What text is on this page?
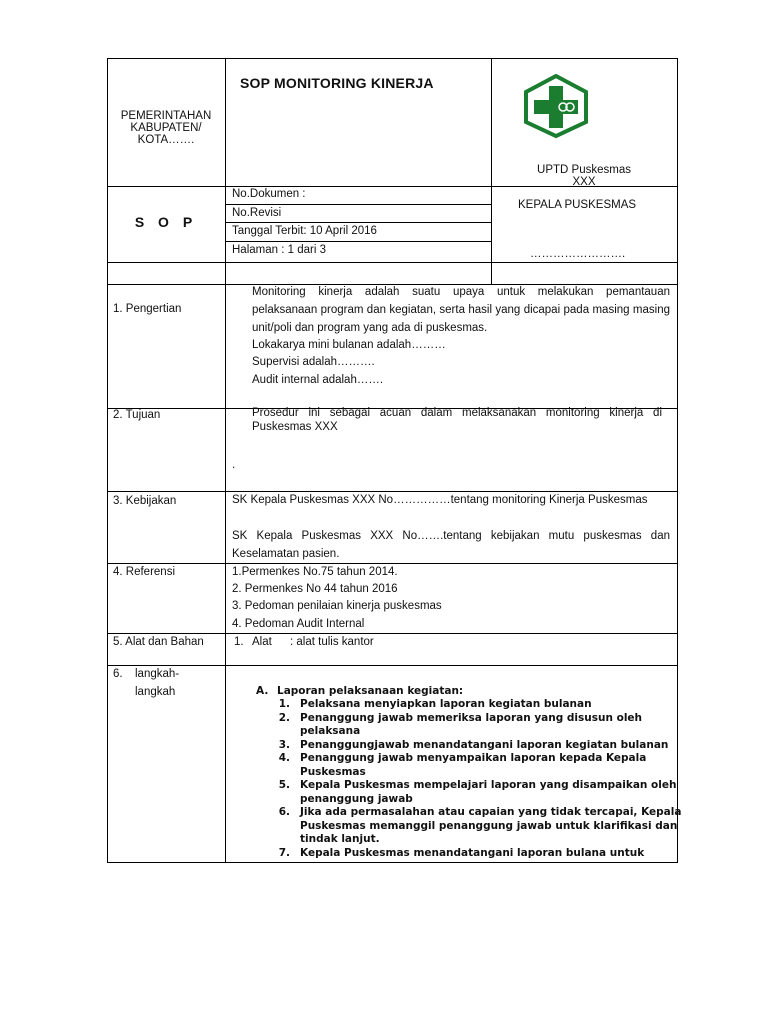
PEMERINTAHAN
KABUPATEN/
KOTA…….
SOP MONITORING KINERJA
UPTD Puskesmas
XXX
S O P
No.Dokumen :
No.Revisi
Tanggal Terbit: 10 April 2016
Halaman : 1 dari 3
KEPALA PUSKESMAS
…………………….
1. Pengertian
Monitoring kinerja adalah suatu upaya untuk melakukan pemantauan pelaksanaan program dan kegiatan, serta hasil yang dicapai pada masing masing unit/poli dan program yang ada di puskesmas.
Lokakarya mini bulanan adalah………
Supervisi adalah……….
Audit internal adalah…….
2. Tujuan	Prosedur ini sebagai acuan dalam melaksanakan monitoring kinerja di Puskesmas XXX
.
3. Kebijakan	SK Kepala Puskesmas XXX No……………tentang monitoring Kinerja Puskesmas
SK Kepala Puskesmas XXX No…….tentang kebijakan mutu puskesmas dan Keselamatan pasien.
4. Referensi	1.Permenkes No.75 tahun 2014.
2. Permenkes No 44 tahun 2016
3. Pedoman penilaian kinerja puskesmas
4. Pedoman Audit Internal
5. Alat dan Bahan	1. Alat : alat tulis kantor
6. langkah-
langkah	A. Laporan pelaksanaan kegiatan:
1. Pelaksana menyiapkan laporan kegiatan bulanan
2. Penanggung jawab memeriksa laporan yang disusun oleh
pelaksana
3. Penanggungjawab menandatangani laporan kegiatan bulanan
4. Penanggung jawab menyampaikan laporan kepada Kepala
Puskesmas
5. Kepala Puskesmas mempelajari laporan yang disampaikan oleh
penanggung jawab
6. Jika ada permasalahan atau capaian yang tidak tercapai, Kepala
Puskesmas memanggil penanggung jawab untuk klarifikasi dan
tindak lanjut.
7. Kepala Puskesmas menandatangani laporan bulana untuk
